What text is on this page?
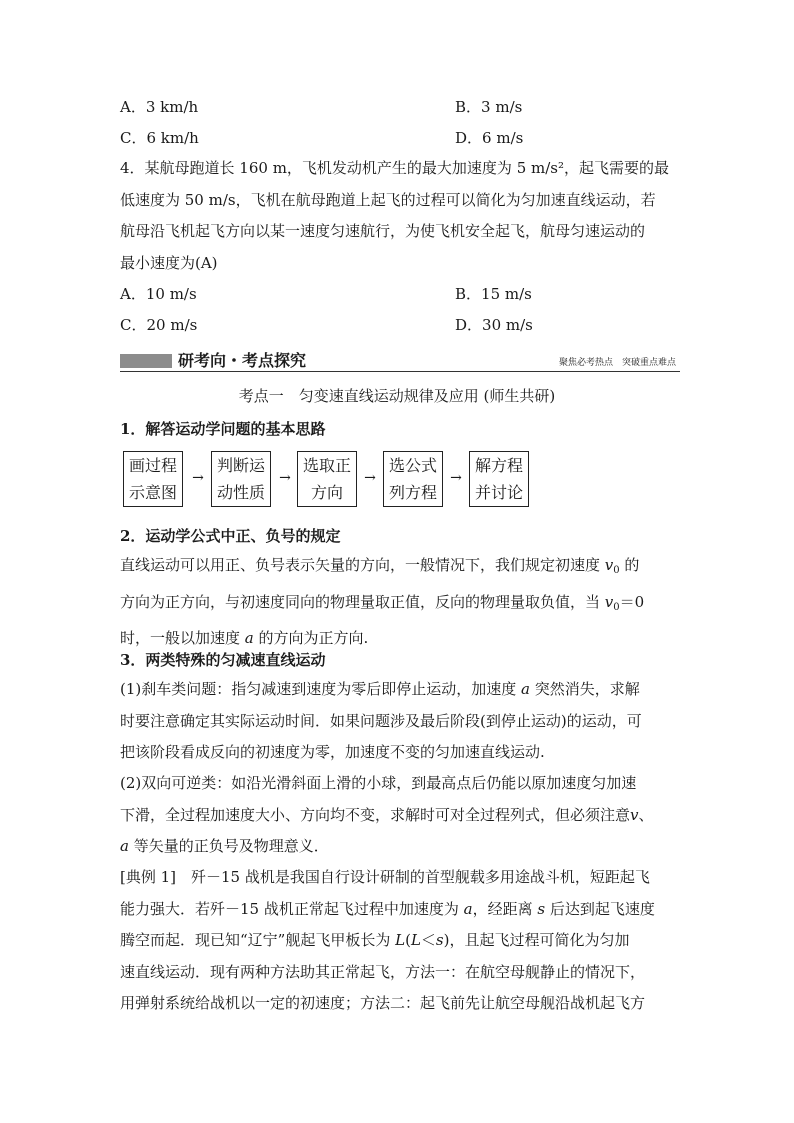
A．3 km/h	B．3 m/s
C．6 km/h	D．6 m/s
4．某航母跑道长 160 m，飞机发动机产生的最大加速度为 5 m/s²，起飞需要的最
低速度为 50 m/s，飞机在航母跑道上起飞的过程可以简化为匀加速直线运动，若
航母沿飞机起飞方向以某一速度匀速航行，为使飞机安全起飞，航母匀速运动的
最小速度为(A)
A．10 m/s	B．15 m/s
C．20 m/s	D．30 m/s
研考向・考点探究	聚焦必考热点　突破重点难点
考点一　匀变速直线运动规律及应用 (师生共研)
1．解答运动学问题的基本思路
画过程
示意图
→
判断运
动性质
→
选取正
方向
→
选公式
列方程
→
解方程
并讨论
2．运动学公式中正、负号的规定
直线运动可以用正、负号表示矢量的方向，一般情况下，我们规定初速度 $v_0$ 的
方向为正方向，与初速度同向的物理量取正值，反向的物理量取负值，当 $v_0=0$
时，一般以加速度 a 的方向为正方向.
3．两类特殊的匀减速直线运动
(1)刹车类问题：指匀减速到速度为零后即停止运动，加速度 a 突然消失，求解
时要注意确定其实际运动时间．如果问题涉及最后阶段(到停止运动)的运动，可
把该阶段看成反向的初速度为零，加速度不变的匀加速直线运动.
(2)双向可逆类：如沿光滑斜面上滑的小球，到最高点后仍能以原加速度匀加速
下滑，全过程加速度大小、方向均不变，求解时可对全过程列式，但必须注意v、
a 等矢量的正负号及物理意义．
[典例 1]　歼－15 战机是我国自行设计研制的首型舰载多用途战斗机，短距起飞
能力强大．若歼－15 战机正常起飞过程中加速度为 a，经距离 s 后达到起飞速度
腾空而起．现已知“辽宁”舰起飞甲板长为 L(L＜s)，且起飞过程可简化为匀加
速直线运动．现有两种方法助其正常起飞，方法一：在航空母舰静止的情况下，
用弹射系统给战机以一定的初速度；方法二：起飞前先让航空母舰沿战机起飞方
